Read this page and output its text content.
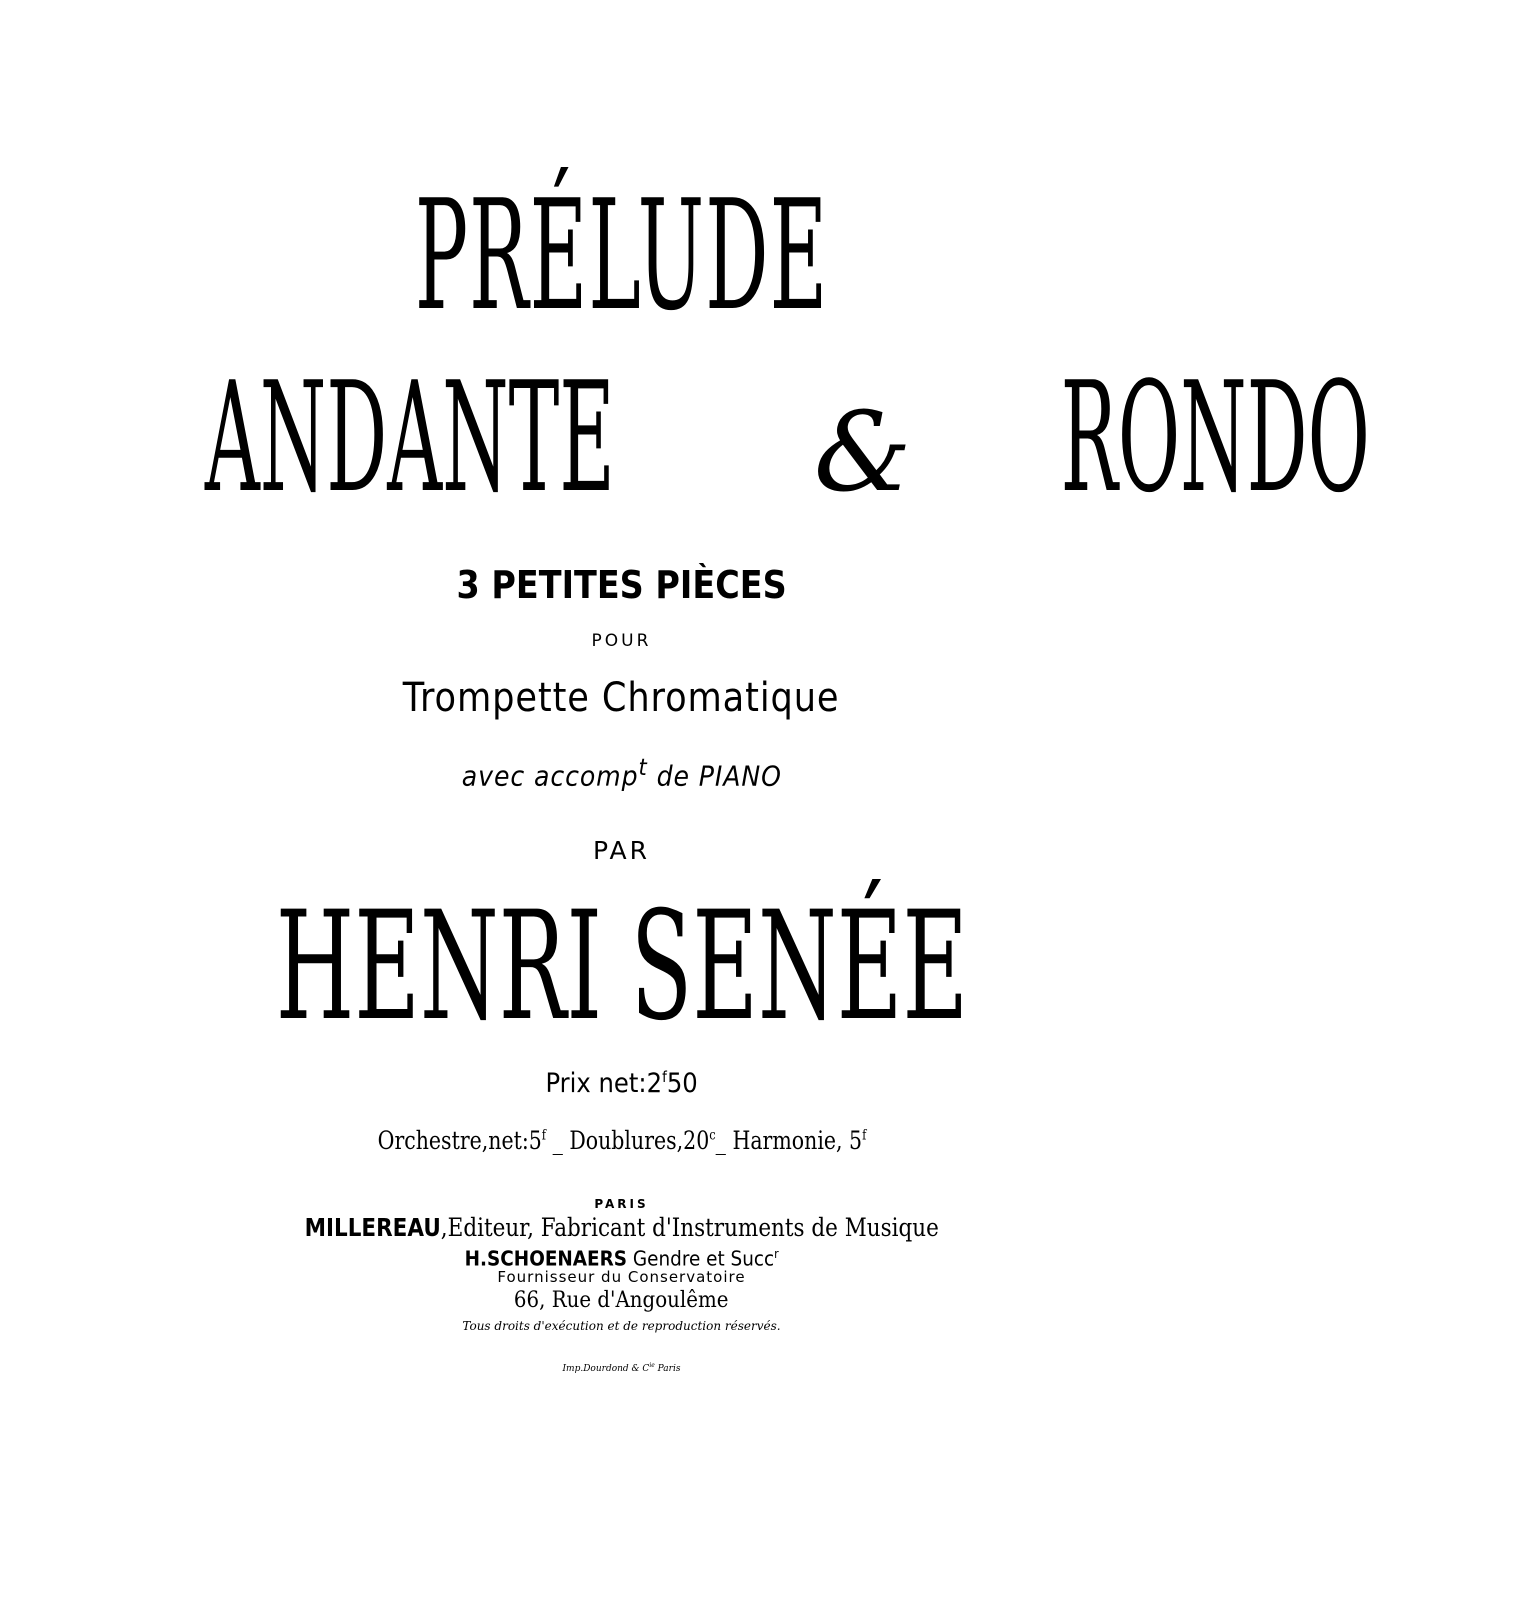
PRÉLUDE
ANDANTE & RONDO
3 PETITES PIÈCES
POUR
Trompette Chromatique
avec accomp$^t$ de PIANO
PAR
HENRI SENÉE
Prix net:2$^f$50
Orchestre,net:5$^f$ _ Doublures,20$^c$_ Harmonie, 5$^f$
PARIS
MILLEREAU,Editeur, Fabricant d'Instruments de Musique
H.SCHOENAERS Gendre et Succ$^r$
Fournisseur du Conservatoire
66, Rue d'Angoulême
Tous droits d'exécution et de reproduction réservés.
Imp.Dourdond & $C^{ie}$ Paris
